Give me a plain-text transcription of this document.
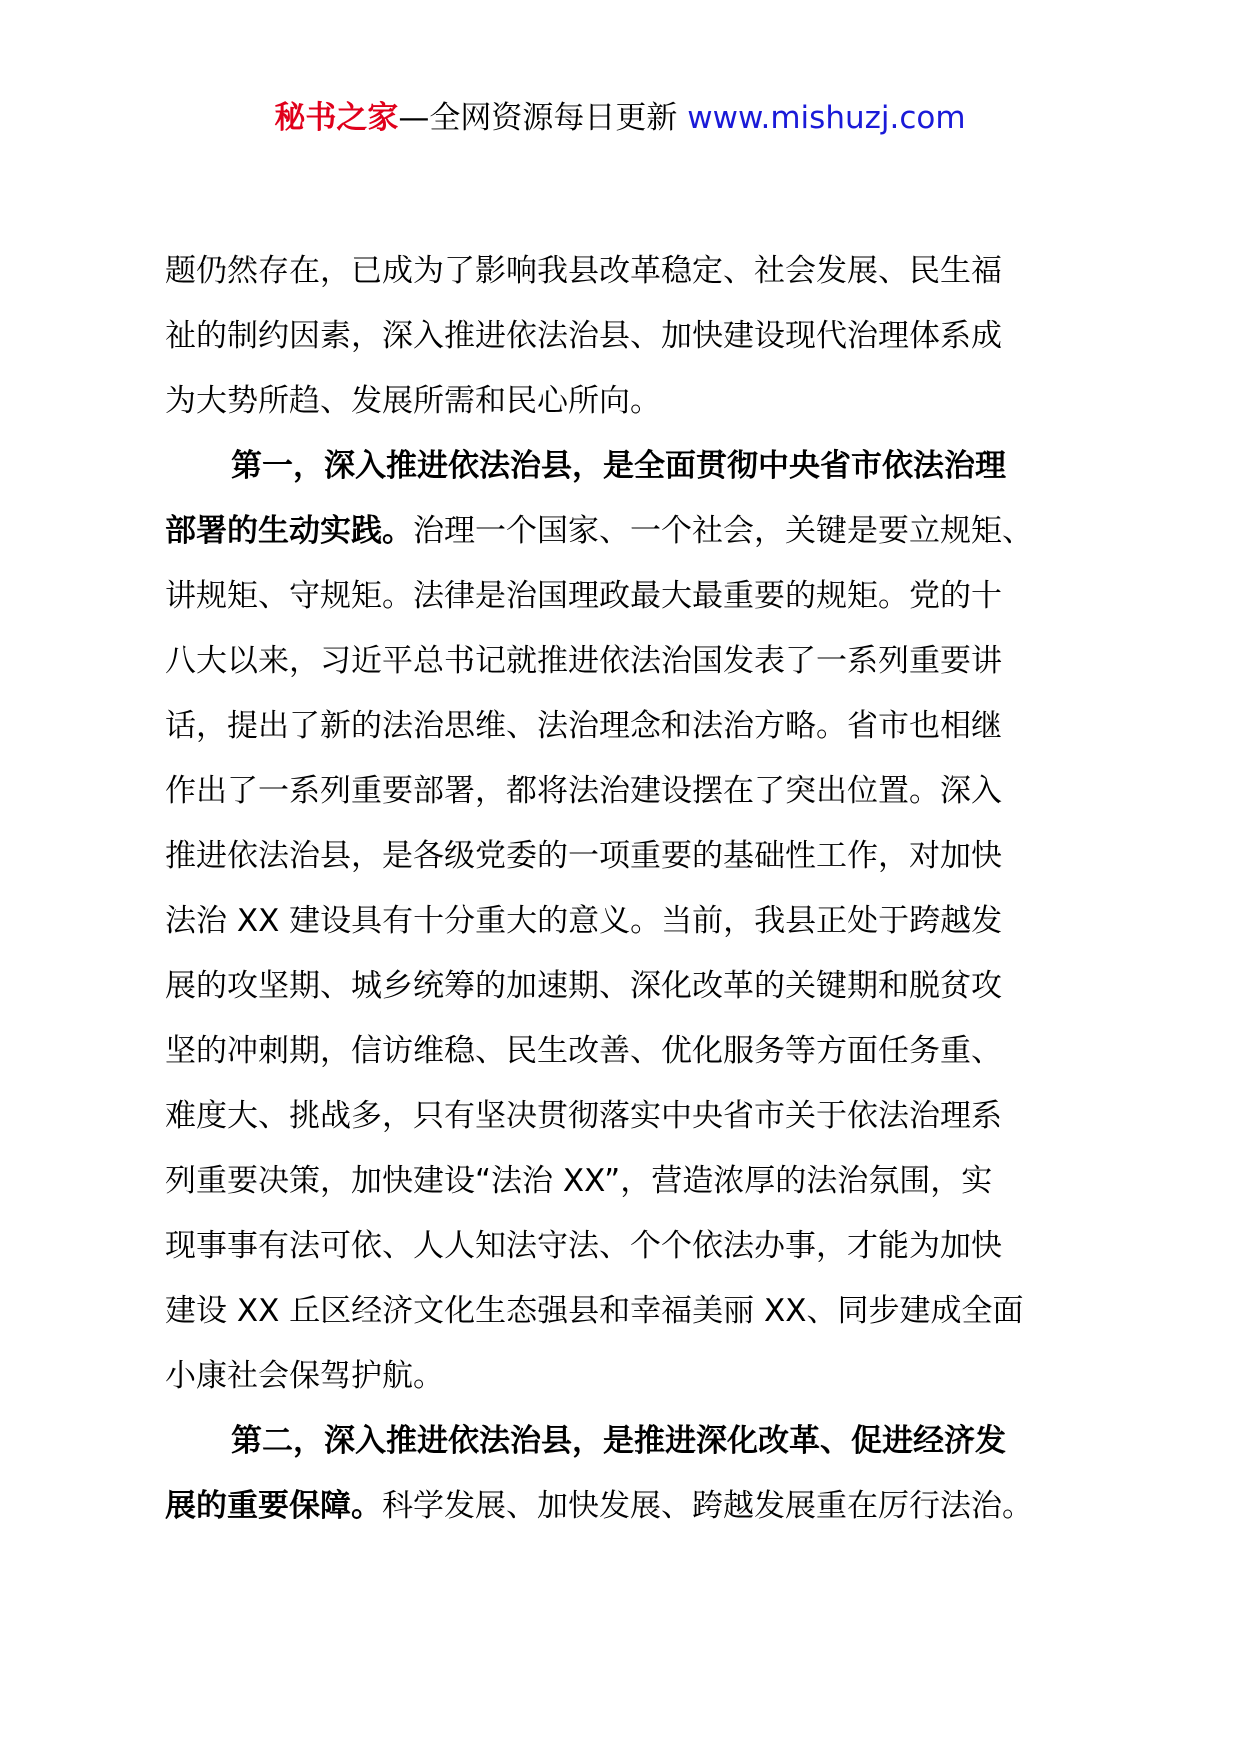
秘书之家—全网资源每日更新 www.mishuzj.com
题仍然存在，已成为了影响我县改革稳定、社会发展、民生福
祉的制约因素，深入推进依法治县、加快建设现代治理体系成
为大势所趋、发展所需和民心所向。
第一，深入推进依法治县，是全面贯彻中央省市依法治理
部署的生动实践。治理一个国家、一个社会，关键是要立规矩、
讲规矩、守规矩。法律是治国理政最大最重要的规矩。党的十
八大以来，习近平总书记就推进依法治国发表了一系列重要讲
话，提出了新的法治思维、法治理念和法治方略。省市也相继
作出了一系列重要部署，都将法治建设摆在了突出位置。深入
推进依法治县，是各级党委的一项重要的基础性工作，对加快
法治 XX 建设具有十分重大的意义。当前，我县正处于跨越发
展的攻坚期、城乡统筹的加速期、深化改革的关键期和脱贫攻
坚的冲刺期，信访维稳、民生改善、优化服务等方面任务重、
难度大、挑战多，只有坚决贯彻落实中央省市关于依法治理系
列重要决策，加快建设“法治 XX”，营造浓厚的法治氛围，实
现事事有法可依、人人知法守法、个个依法办事，才能为加快
建设 XX 丘区经济文化生态强县和幸福美丽 XX、同步建成全面
小康社会保驾护航。
第二，深入推进依法治县，是推进深化改革、促进经济发
展的重要保障。科学发展、加快发展、跨越发展重在厉行法治。
